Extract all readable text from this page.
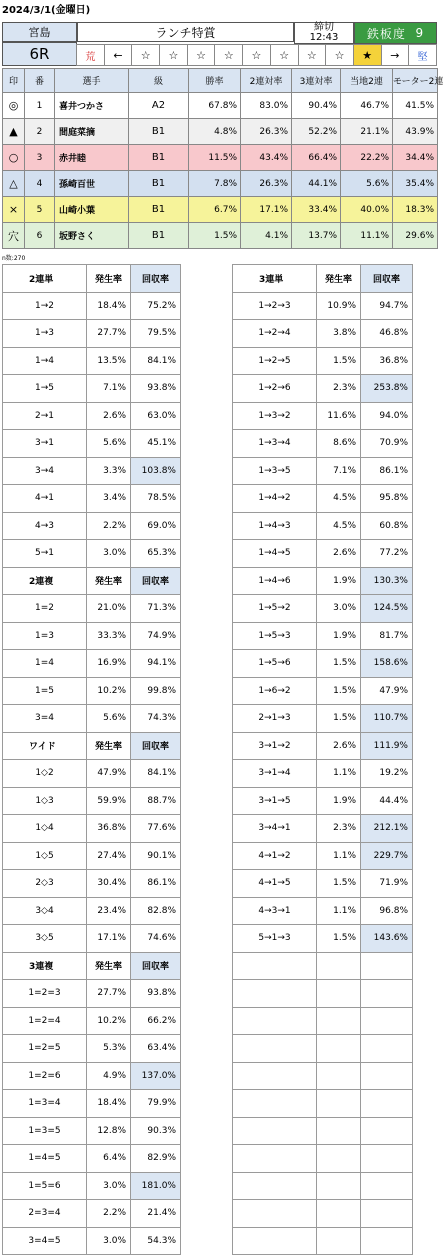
2024/3/1(金曜日)
宮島
6R
ランチ特賞	締切
12:43 鉄板度
9
荒	←	☆	☆	☆	☆	☆	☆	☆	☆	★	→	堅
印	番	選手	級	勝率	2連対率	3連対率	当地2連	モーター2連
◎	1	喜井つかさ	A2	67.8%	83.0%	90.4%	46.7%	41.5%
▲	2	間庭菜摘	B1	4.8%	26.3%	52.2%	21.1%	43.9%
○	3	赤井睦	B1	11.5%	43.4%	66.4%	22.2%	34.4%
△	4	孫崎百世	B1	7.8%	26.3%	44.1%	5.6%	35.4%
×	5	山崎小葉	B1	6.7%	17.1%	33.4%	40.0%	18.3%
穴	6	坂野さく	B1	1.5%	4.1%	13.7%	11.1%	29.6%
n数:270
2連単	発生率	回収率
1→2	18.4%	75.2%
1→3	27.7%	79.5%
1→4	13.5%	84.1%
1→5	7.1%	93.8%
2→1	2.6%	63.0%
3→1	5.6%	45.1%
3→4	3.3%	103.8%
4→1	3.4%	78.5%
4→3	2.2%	69.0%
5→1	3.0%	65.3%
2連複	発生率	回収率
1=2	21.0%	71.3%
1=3	33.3%	74.9%
1=4	16.9%	94.1%
1=5	10.2%	99.8%
3=4	5.6%	74.3%
ワイド	発生率	回収率
1◇2	47.9%	84.1%
1◇3	59.9%	88.7%
1◇4	36.8%	77.6%
1◇5	27.4%	90.1%
2◇3	30.4%	86.1%
3◇4	23.4%	82.8%
3◇5	17.1%	74.6%
3連複	発生率	回収率
1=2=3	27.7%	93.8%
1=2=4	10.2%	66.2%
1=2=5	5.3%	63.4%
1=2=6	4.9%	137.0%
1=3=4	18.4%	79.9%
1=3=5	12.8%	90.3%
1=4=5	6.4%	82.9%
1=5=6	3.0%	181.0%
2=3=4	2.2%	21.4%
3=4=5	3.0%	54.3%
3連単	発生率	回収率
1→2→3	10.9%	94.7%
1→2→4	3.8%	46.8%
1→2→5	1.5%	36.8%
1→2→6	2.3%	253.8%
1→3→2	11.6%	94.0%
1→3→4	8.6%	70.9%
1→3→5	7.1%	86.1%
1→4→2	4.5%	95.8%
1→4→3	4.5%	60.8%
1→4→5	2.6%	77.2%
1→4→6	1.9%	130.3%
1→5→2	3.0%	124.5%
1→5→3	1.9%	81.7%
1→5→6	1.5%	158.6%
1→6→2	1.5%	47.9%
2→1→3	1.5%	110.7%
3→1→2	2.6%	111.9%
3→1→4	1.1%	19.2%
3→1→5	1.9%	44.4%
3→4→1	2.3%	212.1%
4→1→2	1.1%	229.7%
4→1→5	1.5%	71.9%
4→3→1	1.1%	96.8%
5→1→3	1.5%	143.6%
